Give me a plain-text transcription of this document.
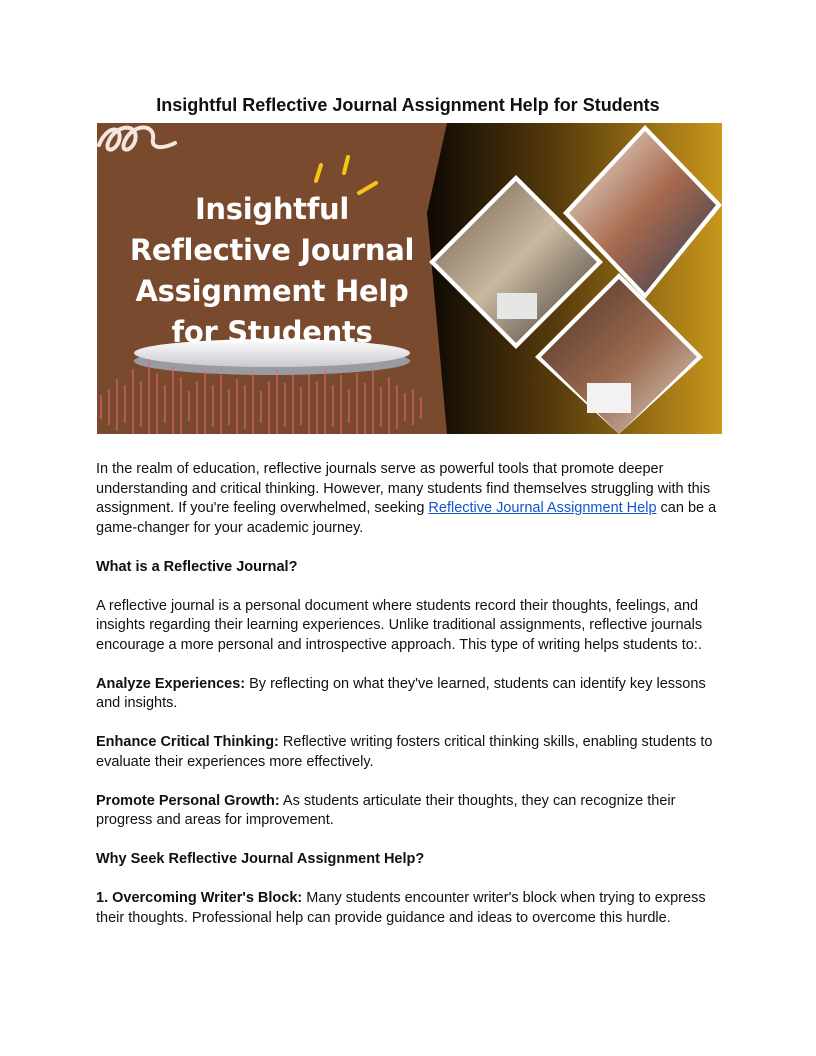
Insightful Reflective Journal Assignment Help for Students
Insightful
Reflective Journal
Assignment Help
for Students

In the realm of education, reflective journals serve as powerful tools that promote deeper understanding and critical thinking. However, many students find themselves struggling with this assignment. If you're feeling overwhelmed, seeking Reflective Journal Assignment Help can be a game-changer for your academic journey.

What is a Reflective Journal?

A reflective journal is a personal document where students record their thoughts, feelings, and insights regarding their learning experiences. Unlike traditional assignments, reflective journals encourage a more personal and introspective approach. This type of writing helps students to:.

Analyze Experiences: By reflecting on what they've learned, students can identify key lessons and insights.

Enhance Critical Thinking: Reflective writing fosters critical thinking skills, enabling students to evaluate their experiences more effectively.

Promote Personal Growth: As students articulate their thoughts, they can recognize their progress and areas for improvement.

Why Seek Reflective Journal Assignment Help?

1. Overcoming Writer's Block: Many students encounter writer's block when trying to express their thoughts. Professional help can provide guidance and ideas to overcome this hurdle.
